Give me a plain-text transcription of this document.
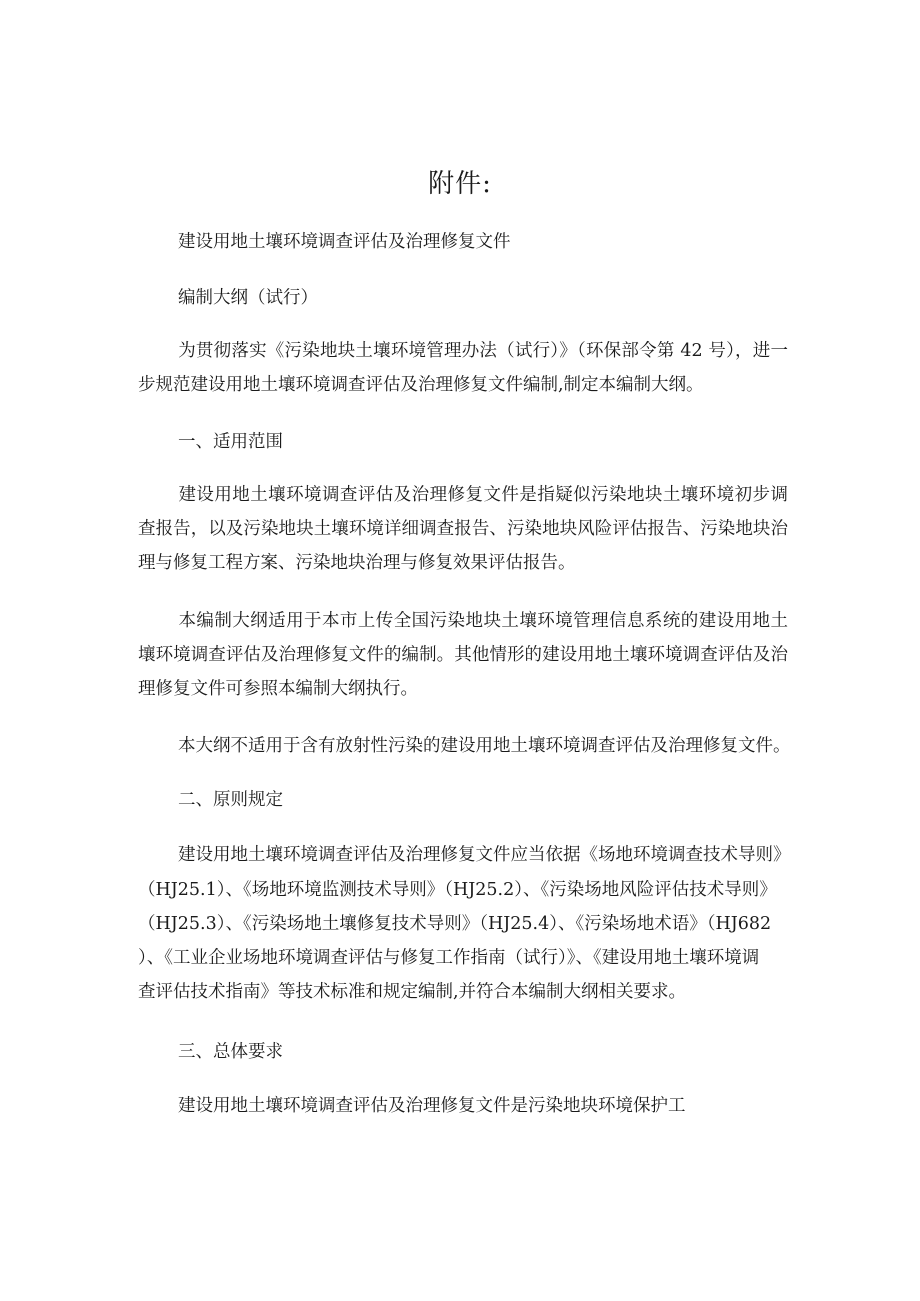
附件:

建设用地土壤环境调查评估及治理修复文件

编制大纲（试行）

为贯彻落实《污染地块土壤环境管理办法（试行）》（环保部令第 42 号），进一步规范建设用地土壤环境调查评估及治理修复文件编制,制定本编制大纲。

一、适用范围

建设用地土壤环境调查评估及治理修复文件是指疑似污染地块土壤环境初步调查报告，以及污染地块土壤环境详细调查报告、污染地块风险评估报告、污染地块治理与修复工程方案、污染地块治理与修复效果评估报告。

本编制大纲适用于本市上传全国污染地块土壤环境管理信息系统的建设用地土壤环境调查评估及治理修复文件的编制。其他情形的建设用地土壤环境调查评估及治理修复文件可参照本编制大纲执行。

本大纲不适用于含有放射性污染的建设用地土壤环境调查评估及治理修复文件。

二、原则规定

建设用地土壤环境调查评估及治理修复文件应当依据《场地环境调查技术导则》

（HJ25.1）、《场地环境监测技术导则》（HJ25.2）、《污染场地风险评估技术导则》

（HJ25.3）、《污染场地土壤修复技术导则》（HJ25.4）、《污染场地术语》（HJ682

）、《工业企业场地环境调查评估与修复工作指南（试行）》、《建设用地土壤环境调

查评估技术指南》等技术标准和规定编制,并符合本编制大纲相关要求。

三、总体要求

建设用地土壤环境调查评估及治理修复文件是污染地块环境保护工
